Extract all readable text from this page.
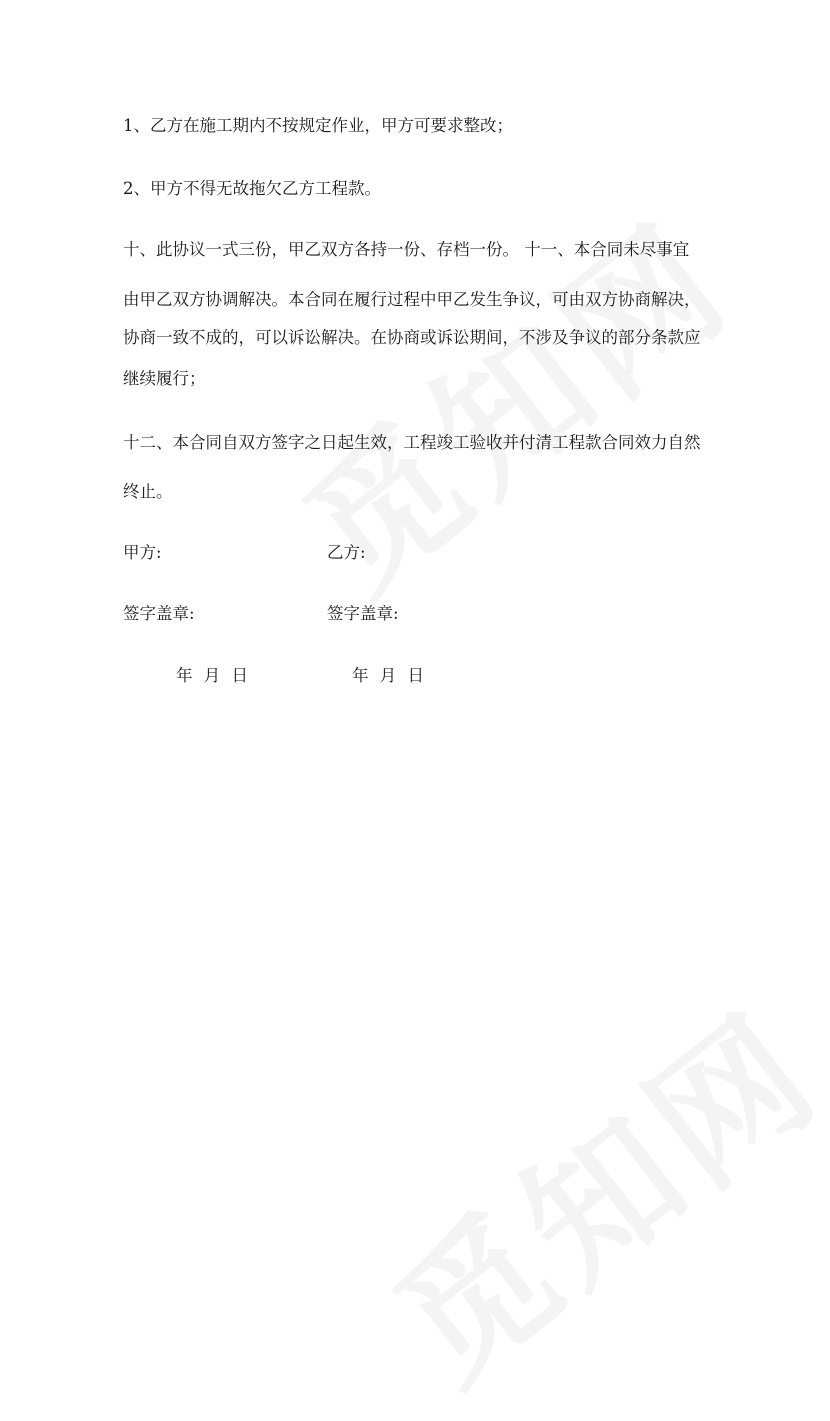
1、乙方在施工期内不按规定作业，甲方可要求整改；
2、甲方不得无故拖欠乙方工程款。
十、此协议一式三份，甲乙双方各持一份、存档一份。 十一、本合同未尽事宜
由甲乙双方协调解决。本合同在履行过程中甲乙发生争议，可由双方协商解决，
协商一致不成的，可以诉讼解决。在协商或诉讼期间，不涉及争议的部分条款应
继续履行；
十二、本合同自双方签字之日起生效，工程竣工验收并付清工程款合同效力自然
终止。
甲方:	乙方:
签字盖章:	签字盖章:
年 月 日	年 月 日
